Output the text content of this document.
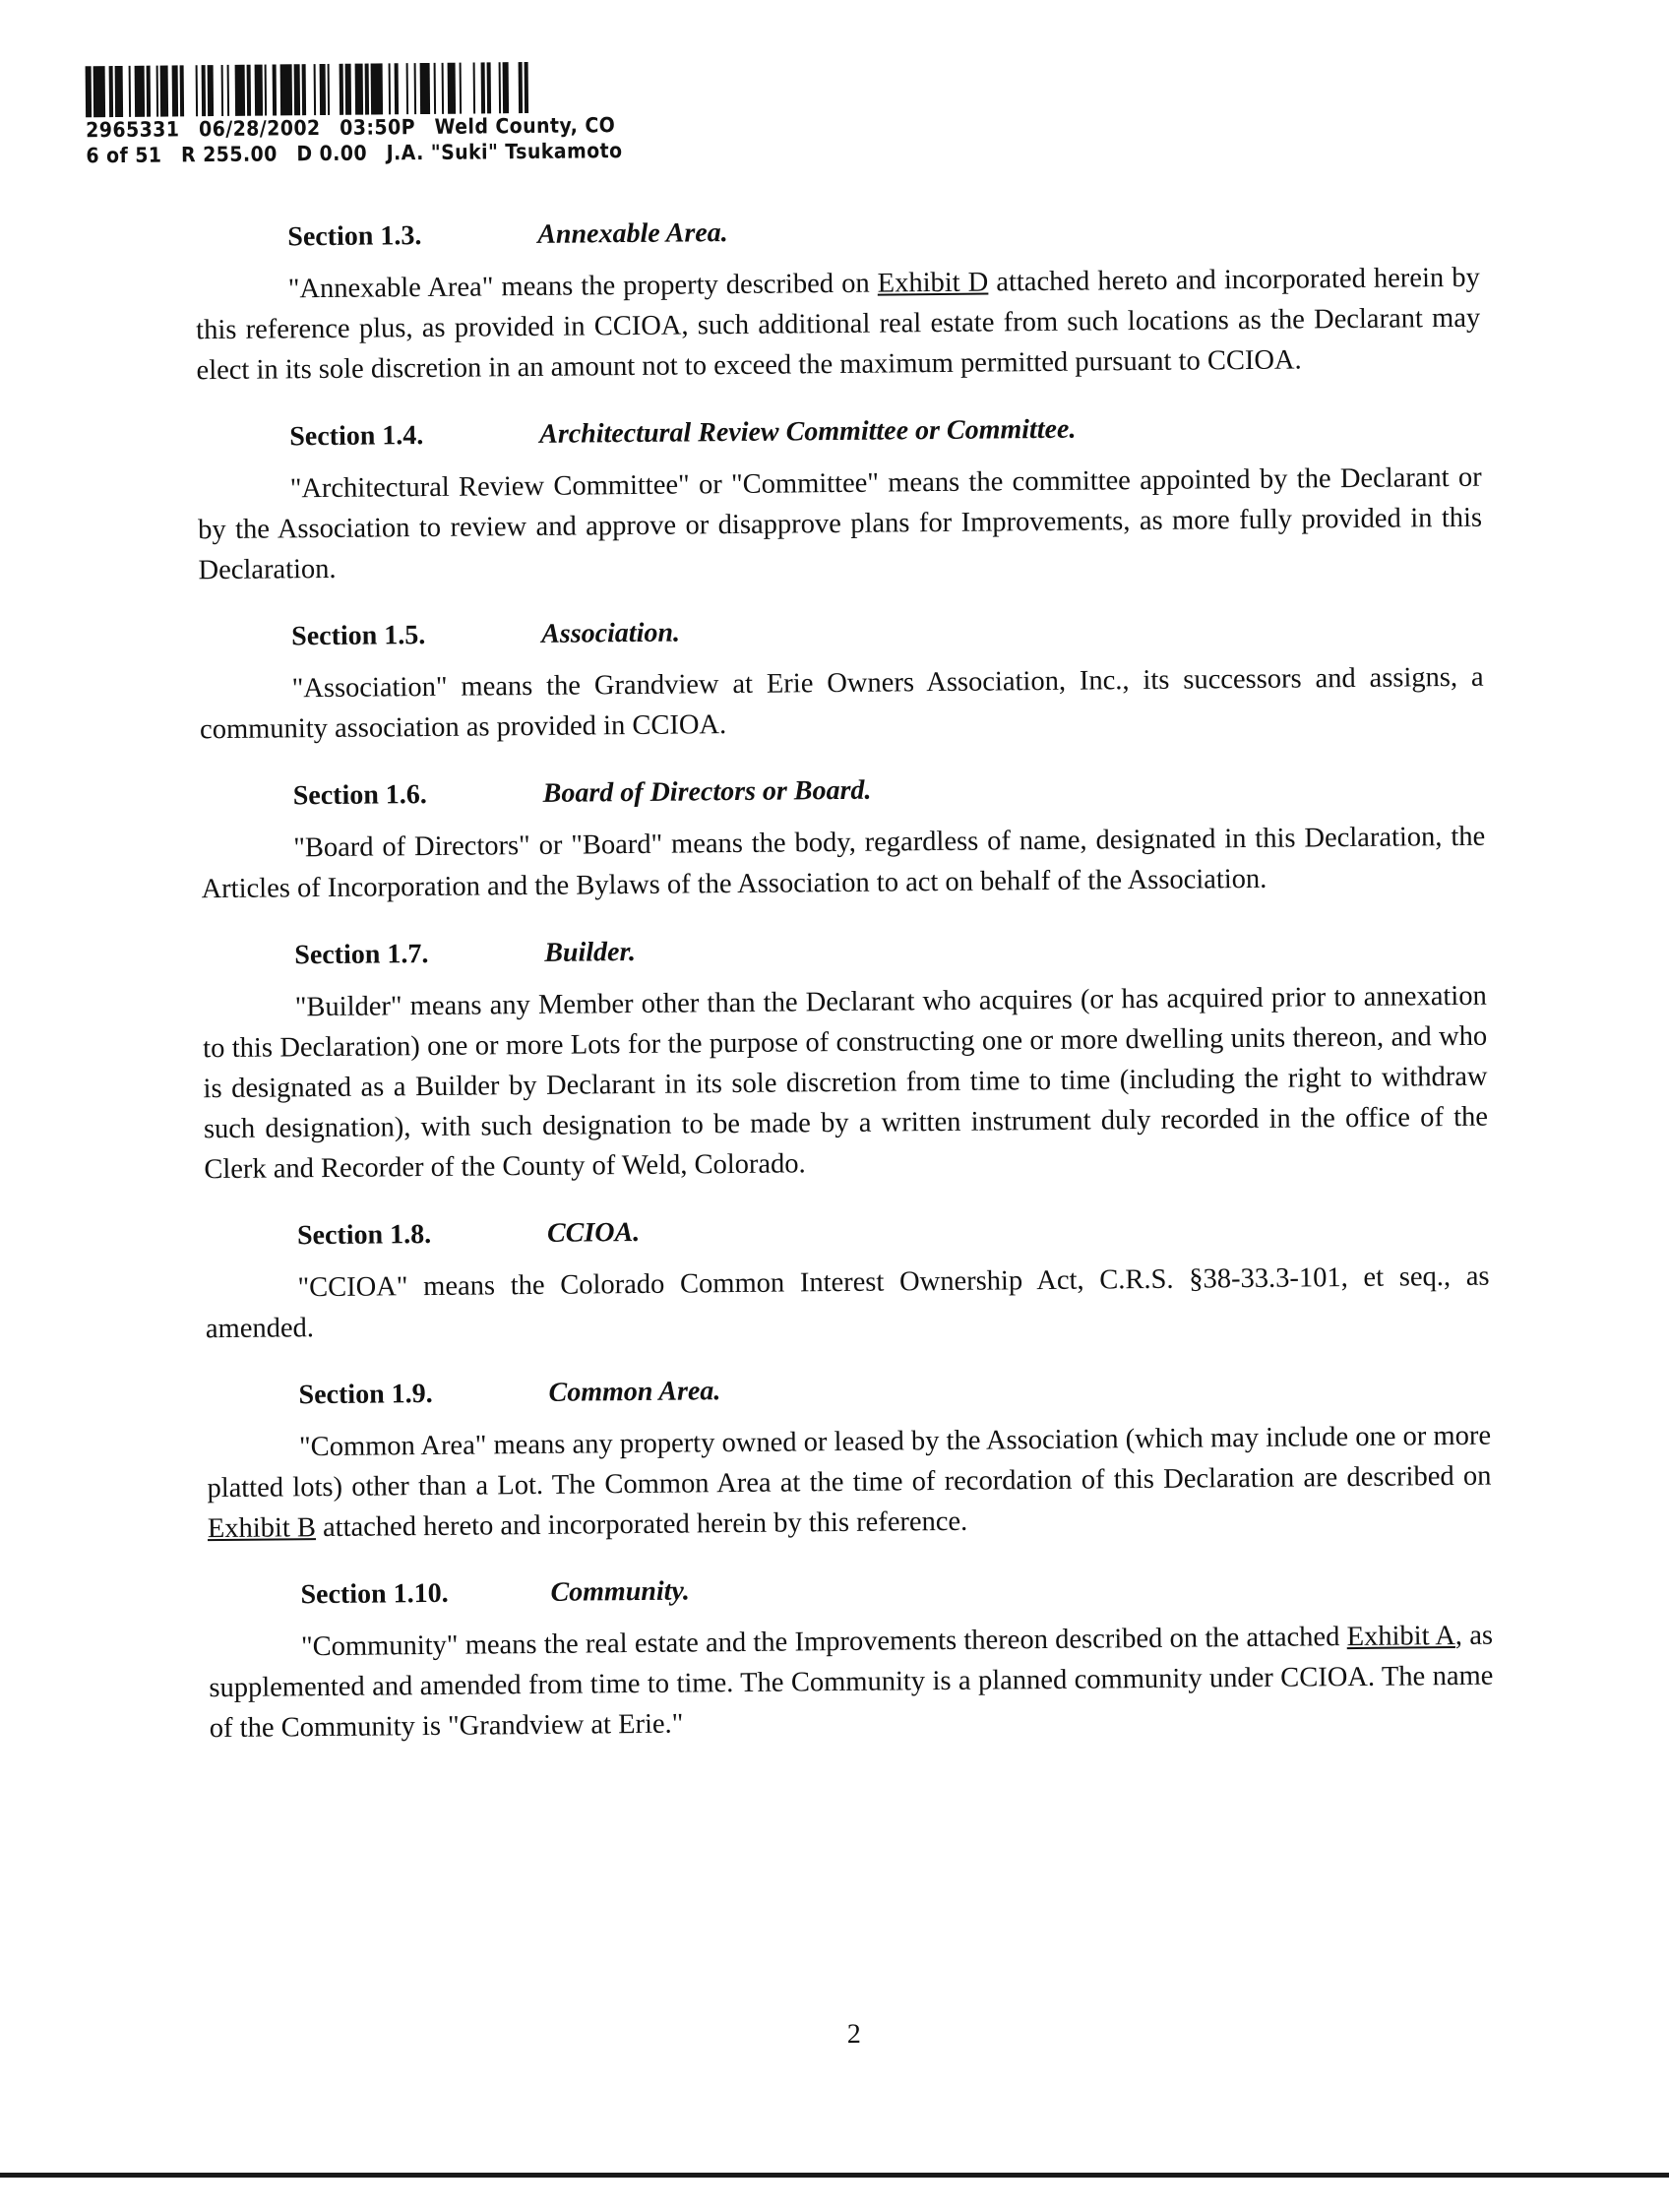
2965331 06/28/2002 03:50P Weld County, CO
6 of 51 R 255.00 D 0.00 J.A. "Suki" Tsukamoto
Section 1.3.	Annexable Area.
"Annexable Area" means the property described on Exhibit D attached hereto and incorporated herein by this reference plus, as provided in CCIOA, such additional real estate from such locations as the Declarant may elect in its sole discretion in an amount not to exceed the maximum permitted pursuant to CCIOA.
Section 1.4.	Architectural Review Committee or Committee.
"Architectural Review Committee" or "Committee" means the committee appointed by the Declarant or by the Association to review and approve or disapprove plans for Improvements, as more fully provided in this Declaration.
Section 1.5.	Association.
"Association" means the Grandview at Erie Owners Association, Inc., its successors and assigns, a community association as provided in CCIOA.
Section 1.6.	Board of Directors or Board.
"Board of Directors" or "Board" means the body, regardless of name, designated in this Declaration, the Articles of Incorporation and the Bylaws of the Association to act on behalf of the Association.
Section 1.7.	Builder.
"Builder" means any Member other than the Declarant who acquires (or has acquired prior to annexation to this Declaration) one or more Lots for the purpose of constructing one or more dwelling units thereon, and who is designated as a Builder by Declarant in its sole discretion from time to time (including the right to withdraw such designation), with such designation to be made by a written instrument duly recorded in the office of the Clerk and Recorder of the County of Weld, Colorado.
Section 1.8.	CCIOA.
"CCIOA" means the Colorado Common Interest Ownership Act, C.R.S. §38-33.3-101, et seq., as amended.
Section 1.9.	Common Area.
"Common Area" means any property owned or leased by the Association (which may include one or more platted lots) other than a Lot. The Common Area at the time of recordation of this Declaration are described on Exhibit B attached hereto and incorporated herein by this reference.
Section 1.10.	Community.
"Community" means the real estate and the Improvements thereon described on the attached Exhibit A, as supplemented and amended from time to time. The Community is a planned community under CCIOA. The name of the Community is "Grandview at Erie."
2
